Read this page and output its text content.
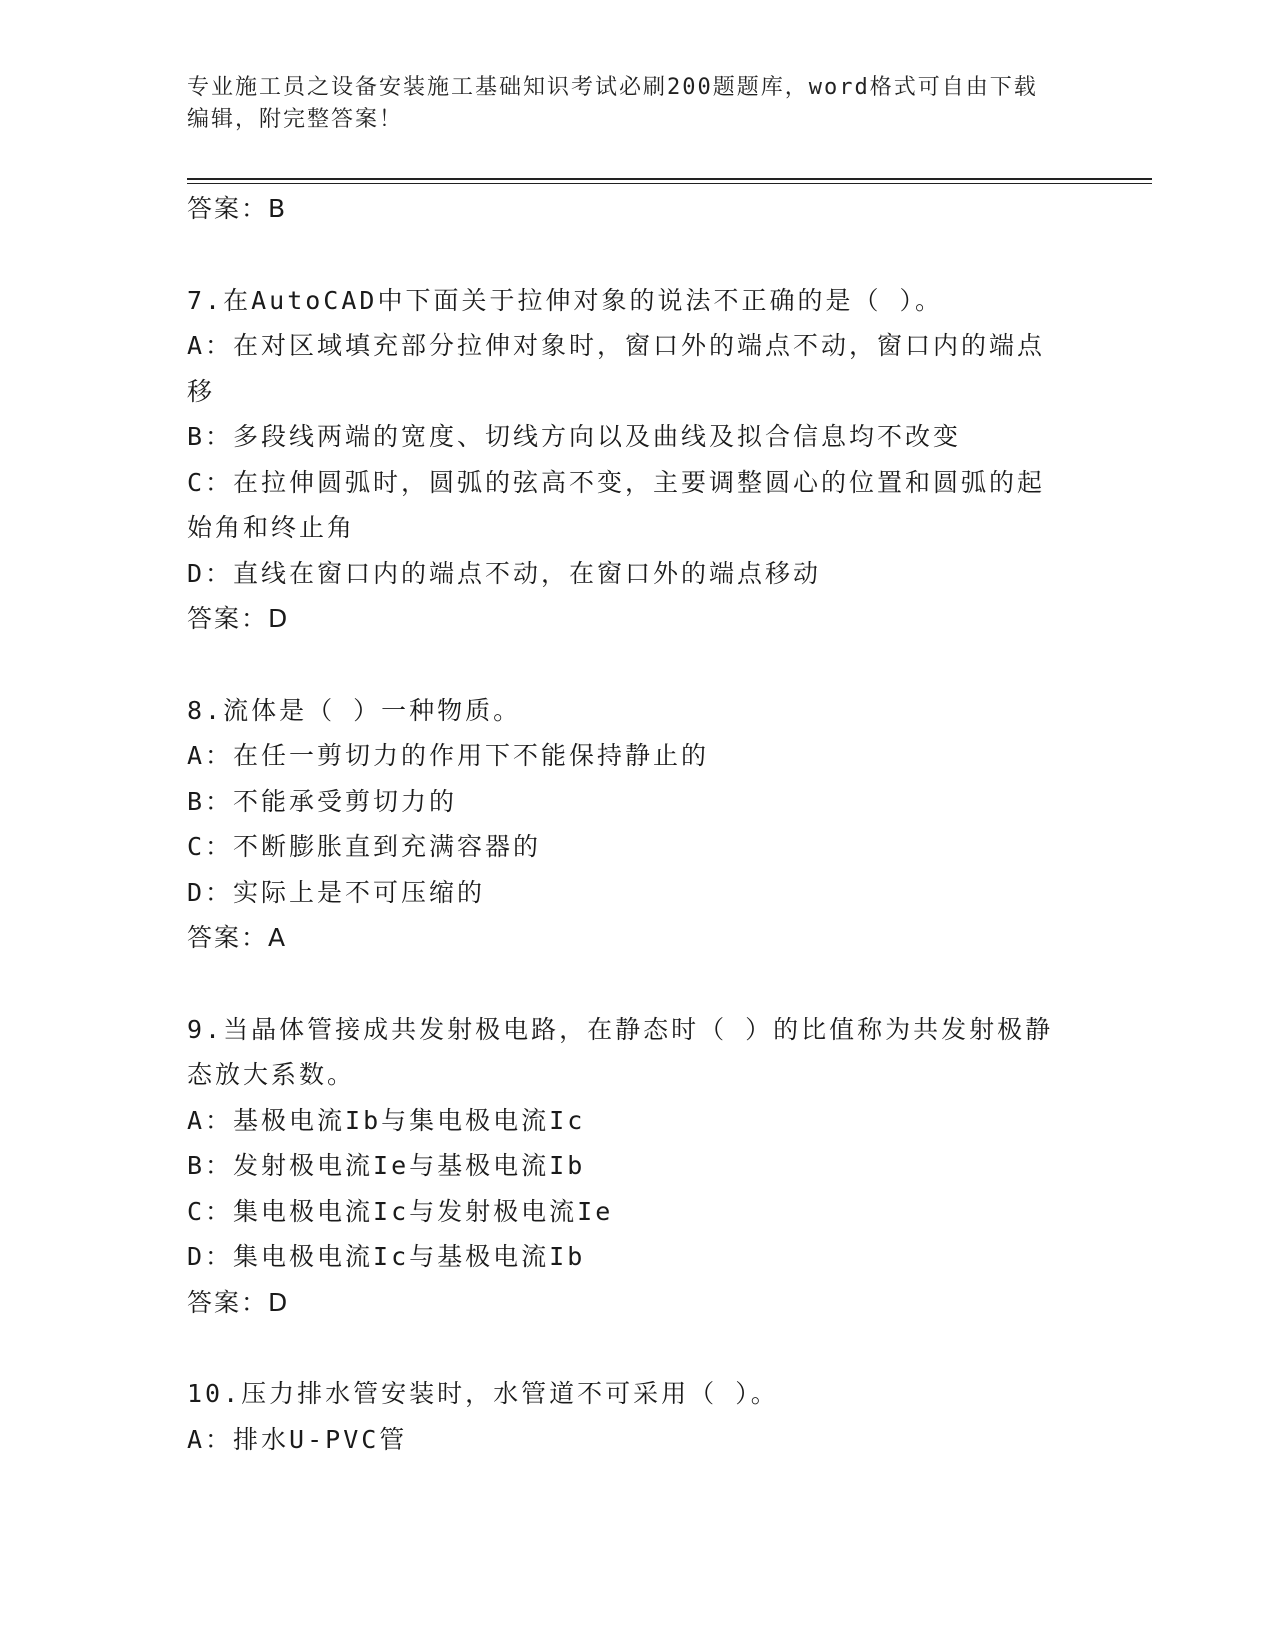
专业施工员之设备安装施工基础知识考试必刷200题题库，word格式可自由下载
编辑，附完整答案！
答案：B
7.在AutoCAD中下面关于拉伸对象的说法不正确的是（ ）。
A：在对区域填充部分拉伸对象时，窗口外的端点不动，窗口内的端点
移
B：多段线两端的宽度、切线方向以及曲线及拟合信息均不改变
C：在拉伸圆弧时，圆弧的弦高不变，主要调整圆心的位置和圆弧的起
始角和终止角
D：直线在窗口内的端点不动，在窗口外的端点移动
答案：D
8.流体是（ ）一种物质。
A：在任一剪切力的作用下不能保持静止的
B：不能承受剪切力的
C：不断膨胀直到充满容器的
D：实际上是不可压缩的
答案：A
9.当晶体管接成共发射极电路，在静态时（ ）的比值称为共发射极静
态放大系数。
A：基极电流Ib与集电极电流Ic
B：发射极电流Ie与基极电流Ib
C：集电极电流Ic与发射极电流Ie
D：集电极电流Ic与基极电流Ib
答案：D
10.压力排水管安装时，水管道不可采用（ ）。
A：排水U-PVC管
